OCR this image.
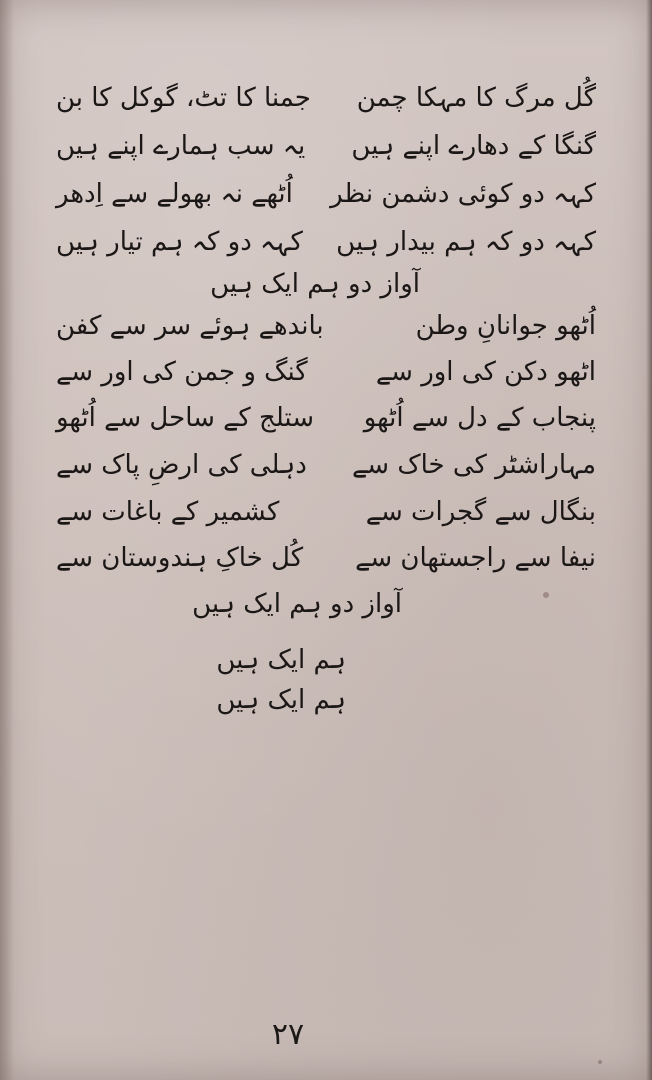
گُل مرگ کا مہکا چمن
جمنا کا تٹ، گوکل کا بن
گنگا کے دھارے اپنے ہیں
یہ سب ہمارے اپنے ہیں
کہہ دو کوئی دشمن نظر
اُٹھے نہ بھولے سے اِدھر
کہہ دو کہ ہم بیدار ہیں
کہہ دو کہ ہم تیار ہیں
آواز دو ہم ایک ہیں
اُٹھو جوانانِ وطن
باندھے ہوئے سر سے کفن
اٹھو دکن کی اور سے
گنگ و جمن کی اور سے
پنجاب کے دل سے اُٹھو
ستلج کے ساحل سے اُٹھو
مہاراشٹر کی خاک سے
دہلی کی ارضِ پاک سے
بنگال سے گجرات سے
کشمیر کے باغات سے
نیفا سے راجستھان سے
کُل خاکِ ہندوستان سے
آواز دو ہم ایک ہیں
ہم ایک ہیں
ہم ایک ہیں
۲۷
